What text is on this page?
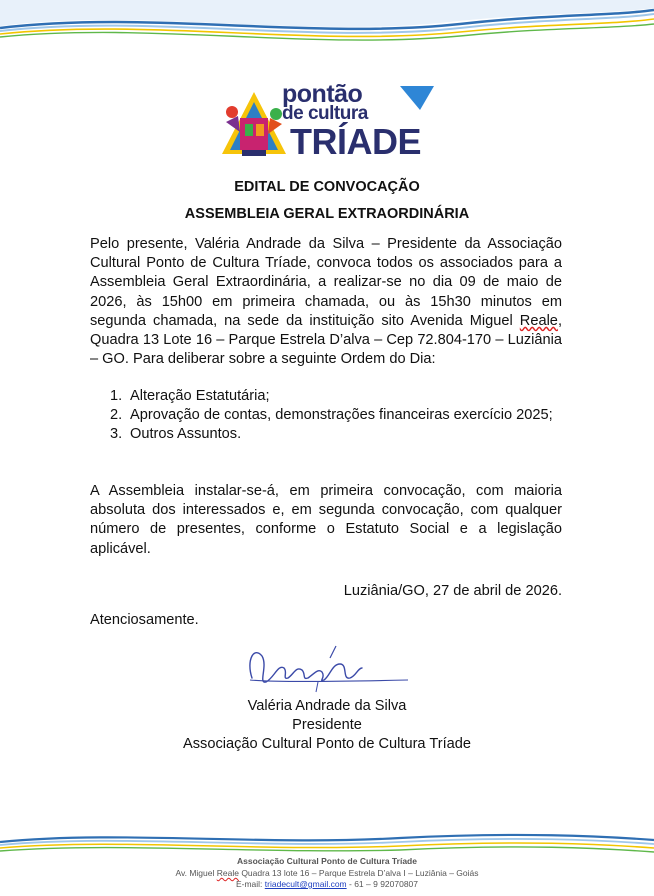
pontão
de cultura
TRÍADE
EDITAL DE CONVOCAÇÃO
ASSEMBLEIA GERAL EXTRAORDINÁRIA

Pelo presente, Valéria Andrade da Silva – Presidente da Associação Cultural Ponto de Cultura Tríade, convoca todos os associados para a Assembleia Geral Extraordinária, a realizar-se no dia 09 de maio de 2026, às 15h00 em primeira chamada, ou às 15h30 minutos em segunda chamada, na sede da instituição sito Avenida Miguel Reale, Quadra 13 Lote 16 – Parque Estrela D’alva – Cep 72.804-170 – Luziânia – GO. Para deliberar sobre a seguinte Ordem do Dia:

1. Alteração Estatutária;
2. Aprovação de contas, demonstrações financeiras exercício 2025;
3. Outros Assuntos.

A Assembleia instalar-se-á, em primeira convocação, com maioria absoluta dos interessados e, em segunda convocação, com qualquer número de presentes, conforme o Estatuto Social e a legislação aplicável.

Luziânia/GO, 27 de abril de 2026.
Atenciosamente.
Valéria Andrade da Silva
Presidente
Associação Cultural Ponto de Cultura Tríade
Associação Cultural Ponto de Cultura Tríade
Av. Miguel Reale Quadra 13 lote 16 – Parque Estrela D’alva I – Luziânia – Goiás
E-mail: triadecult@gmail.com - 61 – 9 92070807
